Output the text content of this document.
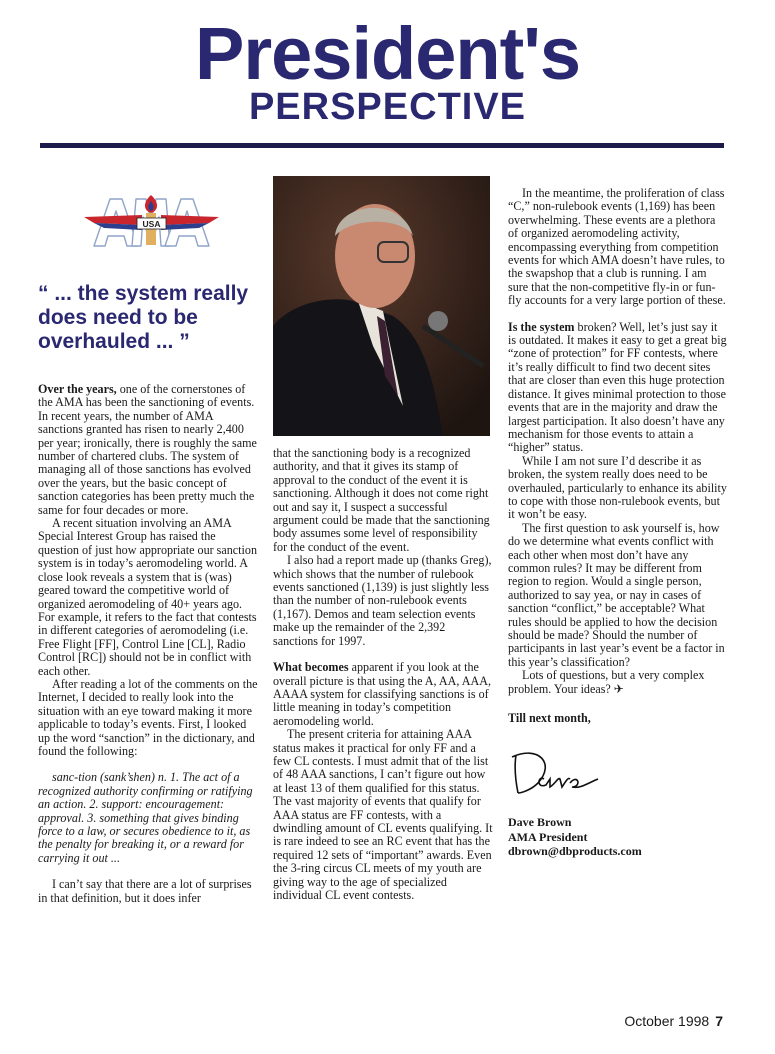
President's
PERSPECTIVE
USA
“ ... the system really does need to be overhauled ... ”

Over the years, one of the cornerstones of the AMA has been the sanctioning of events. In recent years, the number of AMA sanctions granted has risen to nearly 2,400 per year; ironically, there is roughly the same number of chartered clubs. The system of managing all of those sanctions has evolved over the years, but the basic concept of sanction categories has been pretty much the same for four decades or more.

A recent situation involving an AMA Special Interest Group has raised the question of just how appropriate our sanction system is in today’s aeromodeling world. A close look reveals a system that is (was) geared toward the competitive world of organized aeromodeling of 40+ years ago. For example, it refers to the fact that contests in different categories of aeromodeling (i.e. Free Flight [FF], Control Line [CL], Radio Control [RC]) should not be in conflict with each other.

After reading a lot of the comments on the Internet, I decided to really look into the situation with an eye toward making it more applicable to today’s events. First, I looked up the word “sanction” in the dictionary, and found the following:

sanc-tion (sank’shen) n. 1. The act of a recognized authority confirming or ratifying an action. 2. support: encouragement: approval. 3. something that gives binding force to a law, or secures obedience to it, as the penalty for breaking it, or a reward for carrying it out ...

I can’t say that there are a lot of surprises in that definition, but it does infer

that the sanctioning body is a recognized authority, and that it gives its stamp of approval to the conduct of the event it is sanctioning. Although it does not come right out and say it, I suspect a successful argument could be made that the sanctioning body assumes some level of responsibility for the conduct of the event.

I also had a report made up (thanks Greg), which shows that the number of rulebook events sanctioned (1,139) is just slightly less than the number of non-rulebook events (1,167). Demos and team selection events make up the remainder of the 2,392 sanctions for 1997.

What becomes apparent if you look at the overall picture is that using the A, AA, AAA, AAAA system for classifying sanctions is of little meaning in today’s competition aeromodeling world.

The present criteria for attaining AAA status makes it practical for only FF and a few CL contests. I must admit that of the list of 48 AAA sanctions, I can’t figure out how at least 13 of them qualified for this status. The vast majority of events that qualify for AAA status are FF contests, with a dwindling amount of CL events qualifying. It is rare indeed to see an RC event that has the required 12 sets of “important” awards. Even the 3-ring circus CL meets of my youth are giving way to the age of specialized individual CL event contests.

In the meantime, the proliferation of class “C,” non-rulebook events (1,169) has been overwhelming. These events are a plethora of organized aeromodeling activity, encompassing everything from competition events for which AMA doesn’t have rules, to the swapshop that a club is running. I am sure that the non-competitive fly-in or fun-fly accounts for a very large portion of these.

Is the system broken? Well, let’s just say it is outdated. It makes it easy to get a great big “zone of protection” for FF contests, where it’s really difficult to find two decent sites that are closer than even this huge protection distance. It gives minimal protection to those events that are in the majority and draw the largest participation. It also doesn’t have any mechanism for those events to attain a “higher” status.

While I am not sure I’d describe it as broken, the system really does need to be overhauled, particularly to enhance its ability to cope with those non-rulebook events, but it won’t be easy.

The first question to ask yourself is, how do we determine what events conflict with each other when most don’t have any common rules? It may be different from region to region. Would a single person, authorized to say yea, or nay in cases of sanction “conflict,” be acceptable? What rules should be applied to how the decision should be made? Should the number of participants in last year’s event be a factor in this year’s classification?

Lots of questions, but a very complex problem. Your ideas? ✈

Till next month,
Dave Brown
AMA President
dbrown@dbproducts.com
October 1998 7
